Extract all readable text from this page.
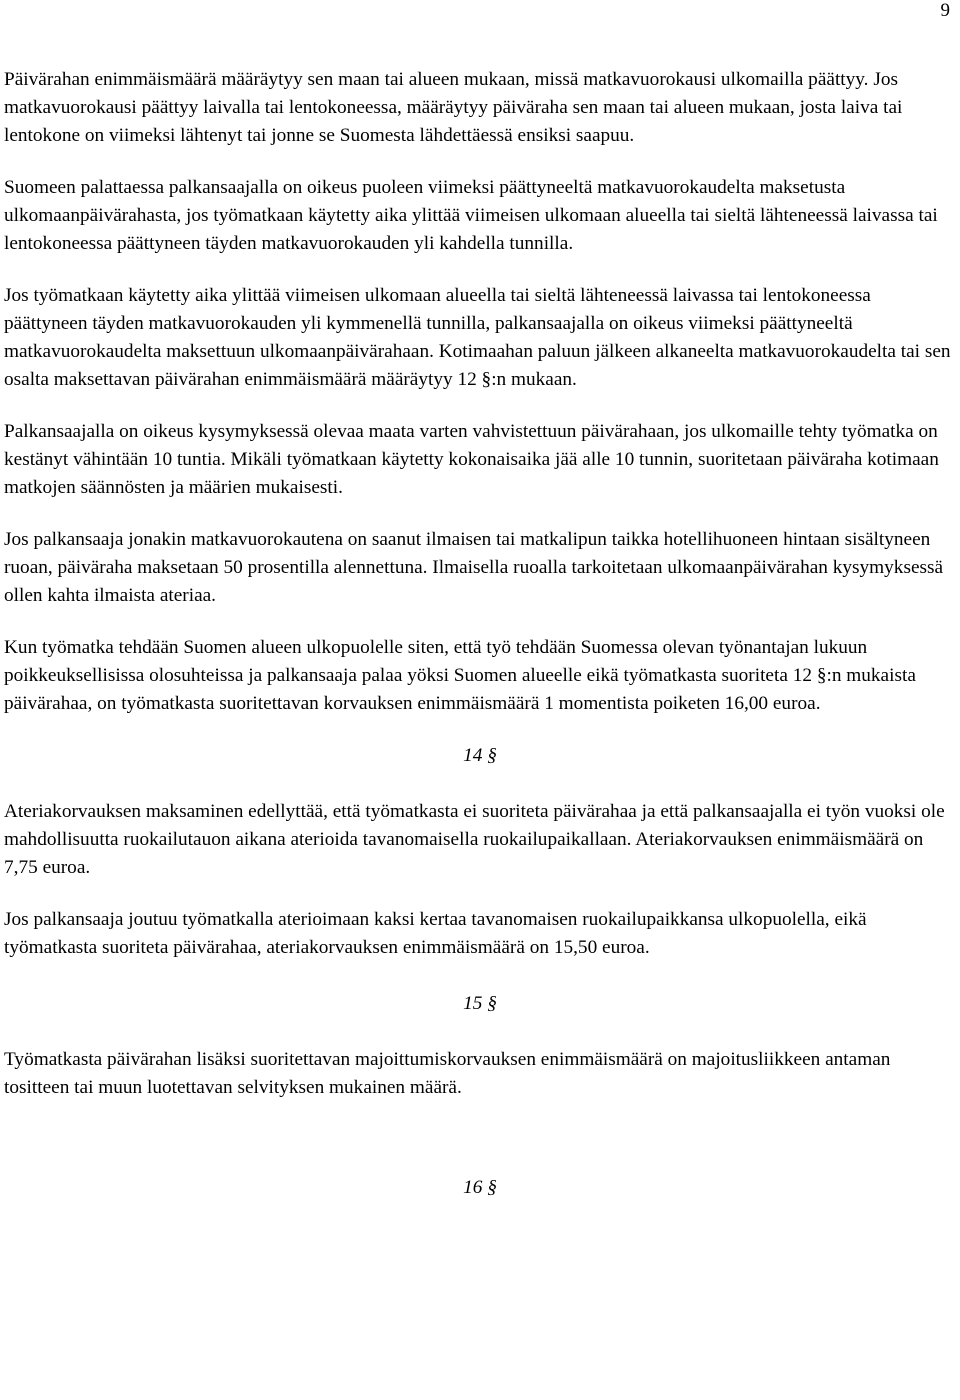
9

Päivärahan enimmäismäärä määräytyy sen maan tai alueen mukaan, missä matkavuorokausi ulkomailla päättyy. Jos matkavuorokausi päättyy laivalla tai lentokoneessa, määräytyy päiväraha sen maan tai alueen mukaan, josta laiva tai lentokone on viimeksi lähtenyt tai jonne se Suomesta lähdettäessä ensiksi saapuu.

Suomeen palattaessa palkansaajalla on oikeus puoleen viimeksi päättyneeltä matkavuorokaudelta maksetusta ulkomaanpäivärahasta, jos työmatkaan käytetty aika ylittää viimeisen ulkomaan alueella tai sieltä lähteneessä laivassa tai lentokoneessa päättyneen täyden matkavuorokauden yli kahdella tunnilla.

Jos työmatkaan käytetty aika ylittää viimeisen ulkomaan alueella tai sieltä lähteneessä laivassa tai lentokoneessa päättyneen täyden matkavuorokauden yli kymmenellä tunnilla, palkansaajalla on oikeus viimeksi päättyneeltä matkavuorokaudelta maksettuun ulkomaanpäivärahaan. Kotimaahan paluun jälkeen alkaneelta matkavuorokaudelta tai sen osalta maksettavan päivärahan enimmäismäärä määräytyy 12 §:n mukaan.

Palkansaajalla on oikeus kysymyksessä olevaa maata varten vahvistettuun päivärahaan, jos ulkomaille tehty työmatka on kestänyt vähintään 10 tuntia. Mikäli työmatkaan käytetty kokonaisaika jää alle 10 tunnin, suoritetaan päiväraha kotimaan matkojen säännösten ja määrien mukaisesti.

Jos palkansaaja jonakin matkavuorokautena on saanut ilmaisen tai matkalipun taikka hotellihuoneen hintaan sisältyneen ruoan, päiväraha maksetaan 50 prosentilla alennettuna. Ilmaisella ruoalla tarkoitetaan ulkomaanpäivärahan kysymyksessä ollen kahta ilmaista ateriaa.

Kun työmatka tehdään Suomen alueen ulkopuolelle siten, että työ tehdään Suomessa olevan työnantajan lukuun poikkeuksellisissa olosuhteissa ja palkansaaja palaa yöksi Suomen alueelle eikä työmatkasta suoriteta 12 §:n mukaista päivärahaa, on työmatkasta suoritettavan korvauksen enimmäismäärä 1 momentista poiketen 16,00 euroa.

14 §

Ateriakorvauksen maksaminen edellyttää, että työmatkasta ei suoriteta päivärahaa ja että palkansaajalla ei työn vuoksi ole mahdollisuutta ruokailutauon aikana aterioida tavanomaisella ruokailupaikallaan. Ateriakorvauksen enimmäismäärä on 7,75 euroa.

Jos palkansaaja joutuu työmatkalla aterioimaan kaksi kertaa tavanomaisen ruokailupaikkansa ulkopuolella, eikä työmatkasta suoriteta päivärahaa, ateriakorvauksen enimmäismäärä on 15,50 euroa.

15 §

Työmatkasta päivärahan lisäksi suoritettavan majoittumiskorvauksen enimmäismäärä on majoitusliikkeen antaman tositteen tai muun luotettavan selvityksen mukainen määrä.

16 §
